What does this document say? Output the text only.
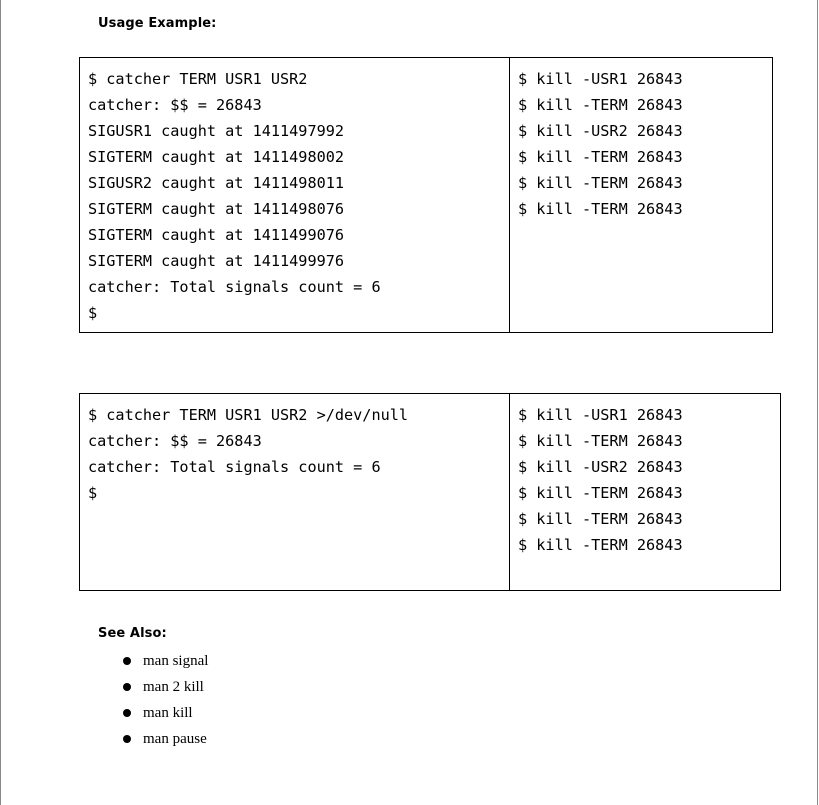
Usage Example:
$ catcher TERM USR1 USR2
catcher: $$ = 26843
SIGUSR1 caught at 1411497992
SIGTERM caught at 1411498002
SIGUSR2 caught at 1411498011
SIGTERM caught at 1411498076
SIGTERM caught at 1411499076
SIGTERM caught at 1411499976
catcher: Total signals count = 6
$

$ kill -USR1 26843
$ kill -TERM 26843
$ kill -USR2 26843
$ kill -TERM 26843
$ kill -TERM 26843
$ kill -TERM 26843
$ catcher TERM USR1 USR2 >/dev/null
catcher: $$ = 26843
catcher: Total signals count = 6
$

$ kill -USR1 26843
$ kill -TERM 26843
$ kill -USR2 26843
$ kill -TERM 26843
$ kill -TERM 26843
$ kill -TERM 26843
See Also:
man signal
man 2 kill
man kill
man pause
